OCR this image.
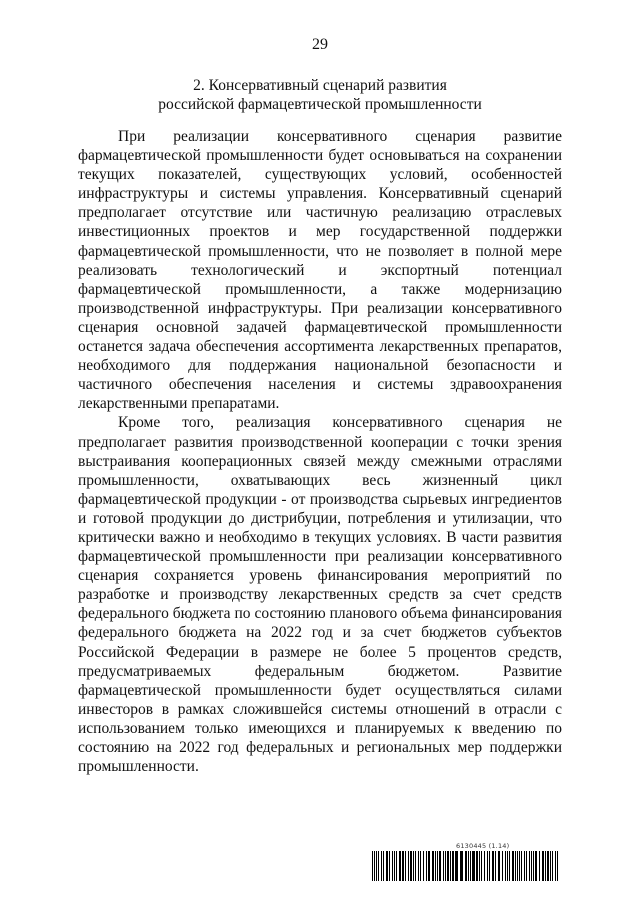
29
2. Консервативный сценарий развития
российской фармацевтической промышленности

При реализации консервативного сценария развитие фармацевтической промышленности будет основываться на сохранении текущих показателей, существующих условий, особенностей инфраструктуры и системы управления. Консервативный сценарий предполагает отсутствие или частичную реализацию отраслевых инвестиционных проектов и мер государственной поддержки фармацевтической промышленности, что не позволяет в полной мере реализовать технологический и экспортный потенциал фармацевтической промышленности, а также модернизацию производственной инфраструктуры. При реализации консервативного сценария основной задачей фармацевтической промышленности останется задача обеспечения ассортимента лекарственных препаратов, необходимого для поддержания национальной безопасности и частичного обеспечения населения и системы здравоохранения лекарственными препаратами.

Кроме того, реализация консервативного сценария не предполагает развития производственной кооперации с точки зрения выстраивания кооперационных связей между смежными отраслями промышленности, охватывающих весь жизненный цикл фармацевтической продукции - от производства сырьевых ингредиентов и готовой продукции до дистрибуции, потребления и утилизации, что критически важно и необходимо в текущих условиях. В части развития фармацевтической промышленности при реализации консервативного сценария сохраняется уровень финансирования мероприятий по разработке и производству лекарственных средств за счет средств федерального бюджета по состоянию планового объема финансирования федерального бюджета на 2022 год и за счет бюджетов субъектов Российской Федерации в размере не более 5 процентов средств, предусматриваемых федеральным бюджетом. Развитие фармацевтической промышленности будет осуществляться силами инвесторов в рамках сложившейся системы отношений в отрасли с использованием только имеющихся и планируемых к введению по состоянию на 2022 год федеральных и региональных мер поддержки промышленности.

6130445 (1.14)
